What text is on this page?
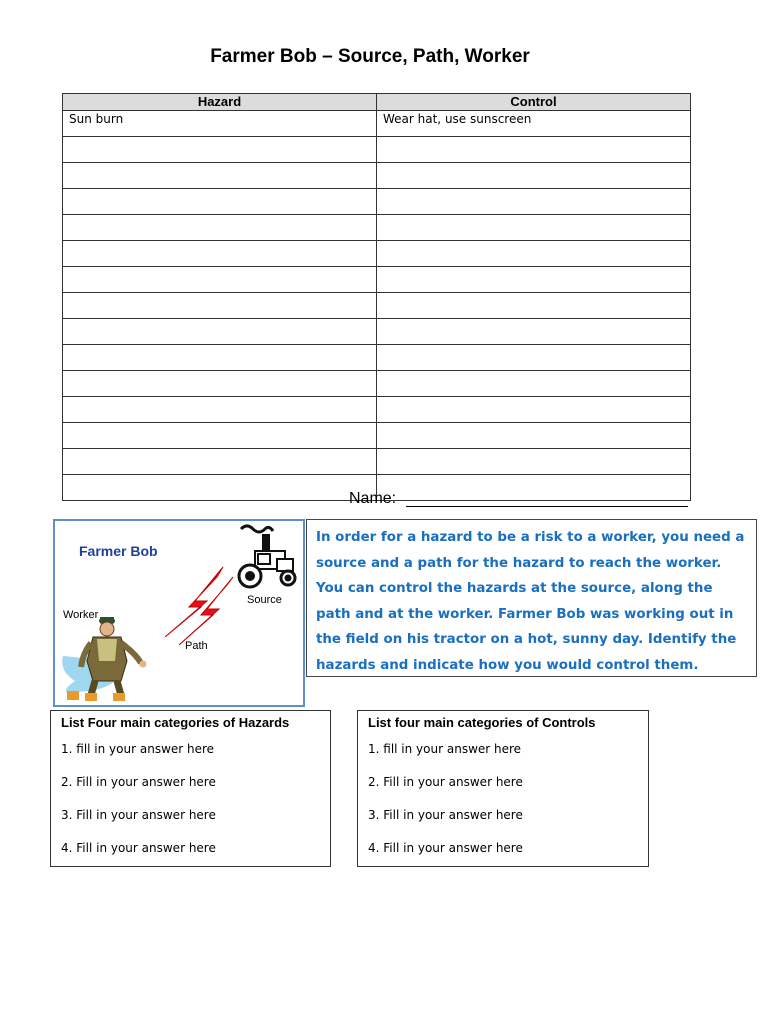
Farmer Bob – Source, Path, Worker
Hazard	Control
Sun burn	Wear hat, use sunscreen

Name:
Farmer Bob
Worker
Path
Source
In order for a hazard to be a risk to a worker, you need a source and a path for the hazard to reach the worker. You can control the hazards at the source, along the path and at the worker. Farmer Bob was working out in the field on his tractor on a hot, sunny day. Identify the hazards and indicate how you would control them.
List Four main categories of Hazards
1. fill in your answer here
2. Fill in your answer here
3. Fill in your answer here
4. Fill in your answer here
List four main categories of Controls
1. fill in your answer here
2. Fill in your answer here
3. Fill in your answer here
4. Fill in your answer here
